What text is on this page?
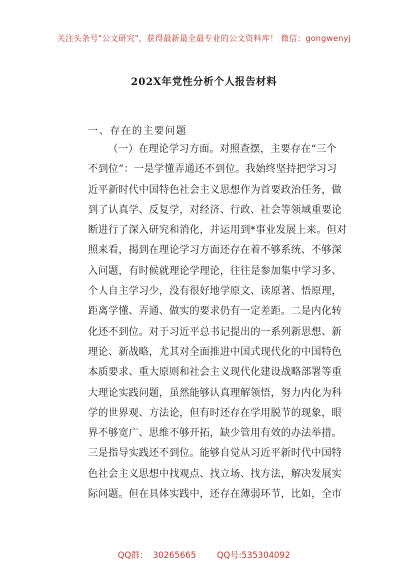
关注头条号"公文研究"，获得最新最全最专业的公文资料库！ 微信：gongwenyj
202X年党性分析个人报告材料
一、存在的主要问题
（一）在理论学习方面。对照查摆，主要存在“三个
不到位”：一是学懂弄通还不到位。我始终坚持把学习习
近平新时代中国特色社会主义思想作为首要政治任务，做
到了认真学、反复学，对经济、行政、社会等领域重要论
断进行了深入研究和消化，并运用到*事业发展上来。但对
照来看，揭到在理论学习方面还存在着不够系统、不够深
入问题，有时候就理论学理论，往往是参加集中学习多、
个人自主学习少，没有很好地学原文、读原著、悟原理，
距离学懂、弄通、做实的要求仍有一定差距。二是内化转
化还不到位。对于习近平总书记提出的一系列新思想、新
理论、新战略，尤其对全面推进中国式现代化的中国特色
本质要求、重大原则和社会主义现代化建设战略部署等重
大理论实践问题，虽然能够认真理解领悟，努力内化为科
学的世界观、方法论，但有时还存在学用脱节的现象，眼
界不够宽广、思维不够开拓，缺少管用有效的办法举措。
三是指导实践还不到位。能够自觉从习近平新时代中国特
色社会主义思想中找观点、找立场、找方法，解决发展实
际问题。但在具体实践中，还存在薄弱环节，比如，全市
QQ群： 30265665 QQ号:535304092
